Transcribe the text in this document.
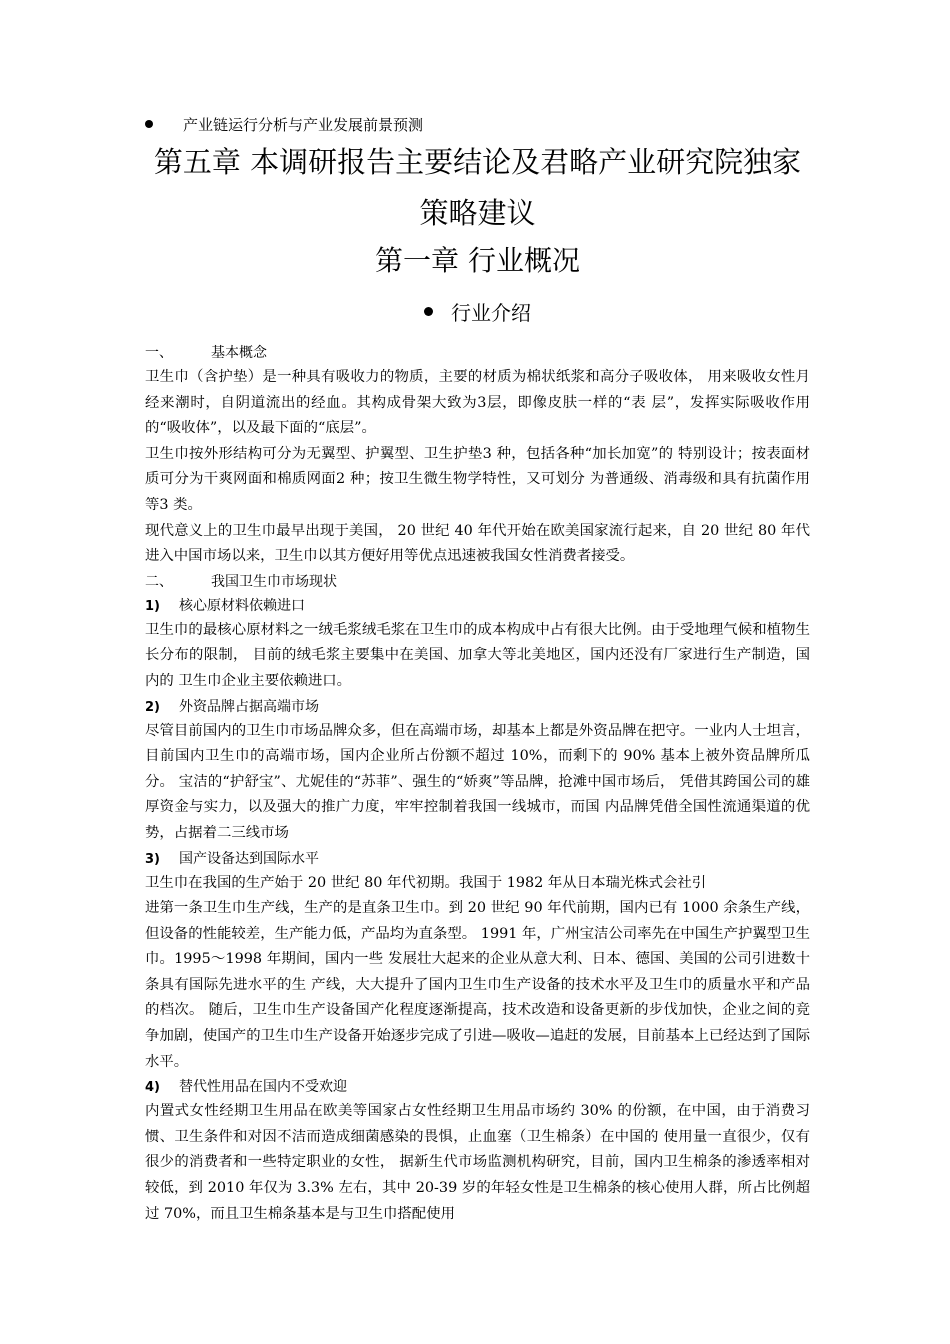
产业链运行分析与产业发展前景预测
第五章 本调研报告主要结论及君略产业研究院独家
策略建议
第一章 行业概况
行业介绍
一、	基本概念

卫生巾（含护垫）是一种具有吸收力的物质，主要的材质为棉状纸浆和高分子吸收体， 用来吸收女性月经来潮时，自阴道流出的经血。其构成骨架大致为3层，即像皮肤一样的“表 层”，发挥实际吸收作用的“吸收体”，以及最下面的“底层”。

卫生巾按外形结构可分为无翼型、护翼型、卫生护垫3 种，包括各种“加长加宽”的 特别设计；按表面材质可分为干爽网面和棉质网面2 种；按卫生微生物学特性，又可划分 为普通级、消毒级和具有抗菌作用等3 类。

现代意义上的卫生巾最早出现于美国， 20 世纪 40 年代开始在欧美国家流行起来，自 20 世纪 80 年代进入中国市场以来，卫生巾以其方便好用等优点迅速被我国女性消费者接受。

二、	我国卫生巾市场现状
1) 核心原材料依赖进口

卫生巾的最核心原材料之一绒毛浆绒毛浆在卫生巾的成本构成中占有很大比例。由于受地理气候和植物生长分布的限制， 目前的绒毛浆主要集中在美国、加拿大等北美地区，国内还没有厂家进行生产制造，国内的 卫生巾企业主要依赖进口。

2) 外资品牌占据高端市场

尽管目前国内的卫生巾市场品牌众多，但在高端市场，却基本上都是外资品牌在把守。一业内人士坦言，目前国内卫生巾的高端市场，国内企业所占份额不超过 10%，而剩下的 90% 基本上被外资品牌所瓜分。 宝洁的“护舒宝”、尤妮佳的“苏菲”、强生的“娇爽”等品牌，抢滩中国市场后， 凭借其跨国公司的雄厚资金与实力，以及强大的推广力度，牢牢控制着我国一线城市，而国 内品牌凭借全国性流通渠道的优势，占据着二三线市场

3) 国产设备达到国际水平

卫生巾在我国的生产始于 20 世纪 80 年代初期。我国于 1982 年从日本瑞光株式会社引

进第一条卫生巾生产线，生产的是直条卫生巾。到 20 世纪 90 年代前期，国内已有 1000 余条生产线，但设备的性能较差，生产能力低，产品均为直条型。 1991 年，广州宝洁公司率先在中国生产护翼型卫生巾。1995～1998 年期间，国内一些 发展壮大起来的企业从意大利、日本、德国、美国的公司引进数十条具有国际先进水平的生 产线，大大提升了国内卫生巾生产设备的技术水平及卫生巾的质量水平和产品的档次。 随后，卫生巾生产设备国产化程度逐渐提高，技术改造和设备更新的步伐加快，企业之间的竞争加剧，使国产的卫生巾生产设备开始逐步完成了引进—吸收—追赶的发展，目前基本上已经达到了国际水平。

4) 替代性用品在国内不受欢迎

内置式女性经期卫生用品在欧美等国家占女性经期卫生用品市场约 30% 的份额，在中国，由于消费习惯、卫生条件和对因不洁而造成细菌感染的畏惧，止血塞（卫生棉条）在中国的 使用量一直很少，仅有很少的消费者和一些特定职业的女性， 据新生代市场监测机构研究，目前，国内卫生棉条的渗透率相对较低，到 2010 年仅为 3.3% 左右，其中 20-39 岁的年轻女性是卫生棉条的核心使用人群，所占比例超过 70%，而且卫生棉条基本是与卫生巾搭配使用
